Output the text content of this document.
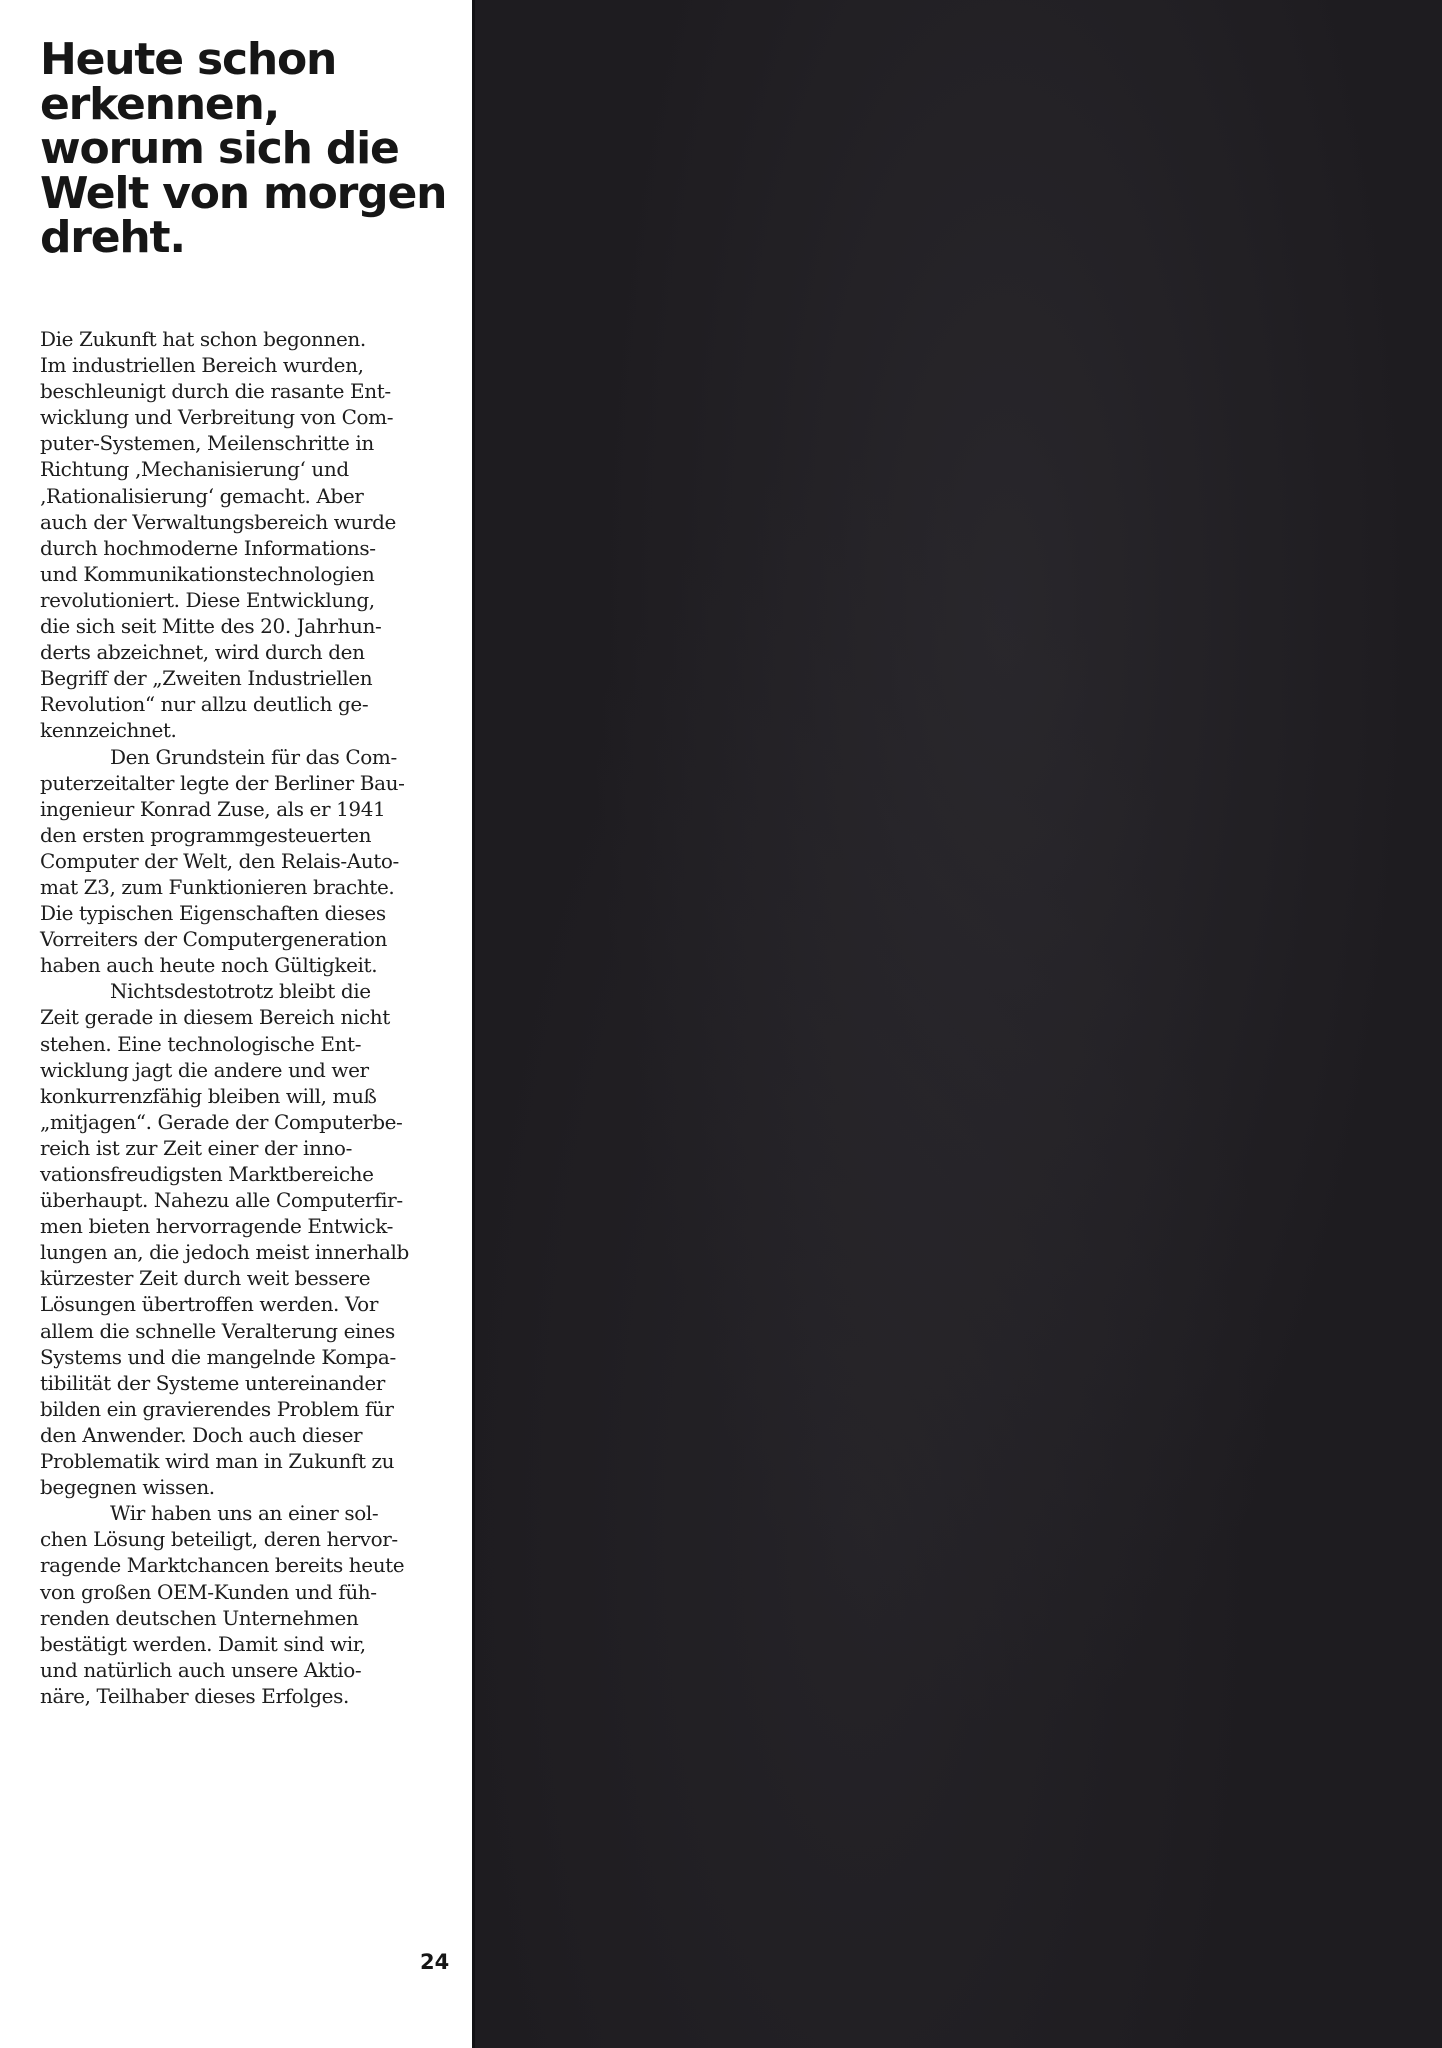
Heute schon
erkennen,
worum sich die
Welt von morgen
dreht.
Die Zukunft hat schon begonnen.
Im industriellen Bereich wurden,
beschleunigt durch die rasante Ent-
wicklung und Verbreitung von Com-
puter-Systemen, Meilenschritte in
Richtung ‚Mechanisierung‘ und
‚Rationalisierung‘ gemacht. Aber
auch der Verwaltungsbereich wurde
durch hochmoderne Informations-
und Kommunikationstechnologien
revolutioniert. Diese Entwicklung,
die sich seit Mitte des 20. Jahrhun-
derts abzeichnet, wird durch den
Begriff der „Zweiten Industriellen
Revolution“ nur allzu deutlich ge-
kennzeichnet.
Den Grundstein für das Com-
puterzeitalter legte der Berliner Bau-
ingenieur Konrad Zuse, als er 1941
den ersten programmgesteuerten
Computer der Welt, den Relais-Auto-
mat Z3, zum Funktionieren brachte.
Die typischen Eigenschaften dieses
Vorreiters der Computergeneration
haben auch heute noch Gültigkeit.
Nichtsdestotrotz bleibt die
Zeit gerade in diesem Bereich nicht
stehen. Eine technologische Ent-
wicklung jagt die andere und wer
konkurrenzfähig bleiben will, muß
„mitjagen“. Gerade der Computerbe-
reich ist zur Zeit einer der inno-
vationsfreudigsten Marktbereiche
überhaupt. Nahezu alle Computerfir-
men bieten hervorragende Entwick-
lungen an, die jedoch meist innerhalb
kürzester Zeit durch weit bessere
Lösungen übertroffen werden. Vor
allem die schnelle Veralterung eines
Systems und die mangelnde Kompa-
tibilität der Systeme untereinander
bilden ein gravierendes Problem für
den Anwender. Doch auch dieser
Problematik wird man in Zukunft zu
begegnen wissen.
Wir haben uns an einer sol-
chen Lösung beteiligt, deren hervor-
ragende Marktchancen bereits heute
von großen OEM-Kunden und füh-
renden deutschen Unternehmen
bestätigt werden. Damit sind wir,
und natürlich auch unsere Aktio-
näre, Teilhaber dieses Erfolges.
24
